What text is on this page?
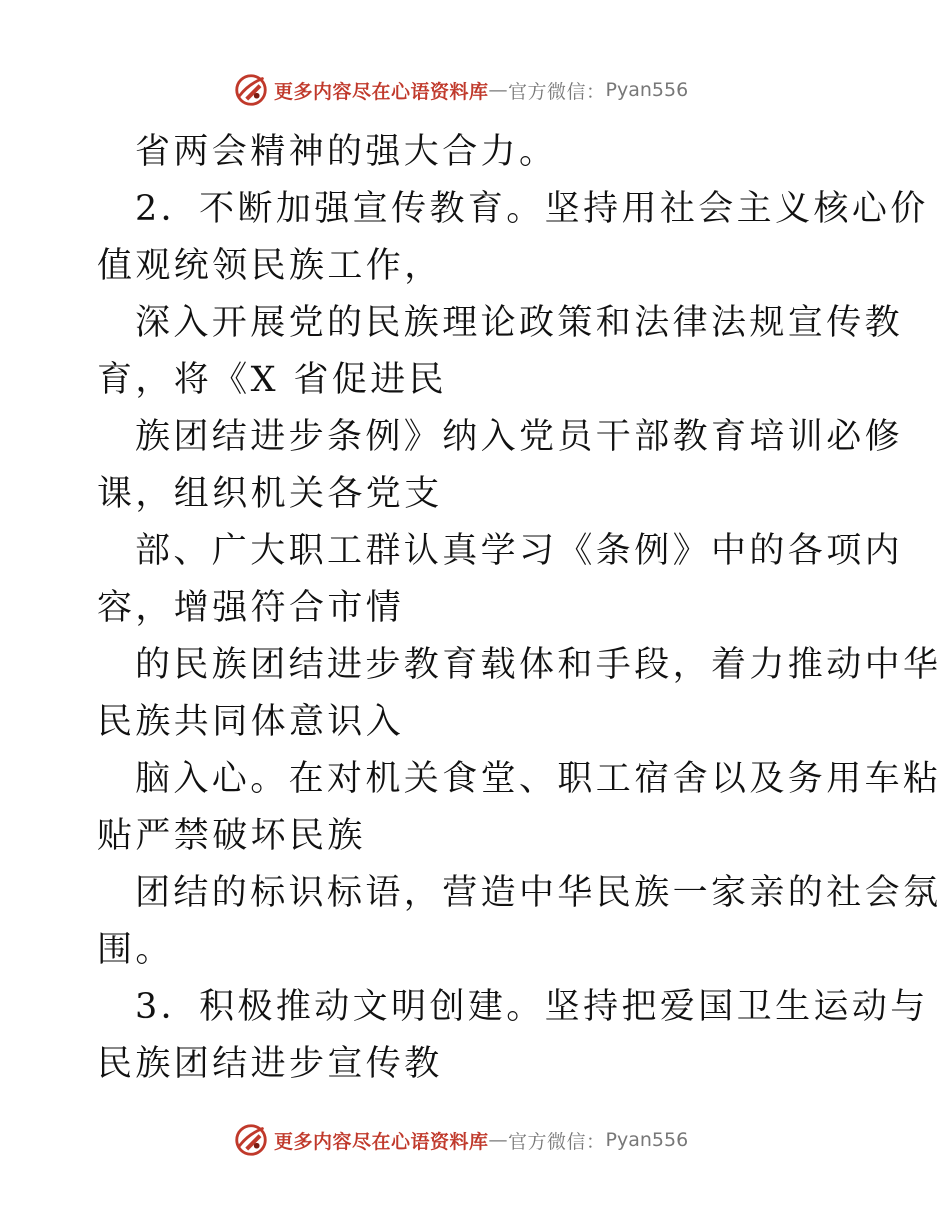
更多内容尽在心语资料库 — 官方微信： Pyan556
省两会精神的强大合力。
2．不断加强宣传教育。坚持用社会主义核心价
值观统领民族工作，
深入开展党的民族理论政策和法律法规宣传教
育，将《X 省促进民
族团结进步条例》纳入党员干部教育培训必修
课，组织机关各党支
部、广大职工群认真学习《条例》中的各项内
容，增强符合市情
的民族团结进步教育载体和手段，着力推动中华
民族共同体意识入
脑入心。在对机关食堂、职工宿舍以及务用车粘
贴严禁破坏民族
团结的标识标语，营造中华民族一家亲的社会氛
围。
3．积极推动文明创建。坚持把爱国卫生运动与
民族团结进步宣传教
更多内容尽在心语资料库 — 官方微信： Pyan556
